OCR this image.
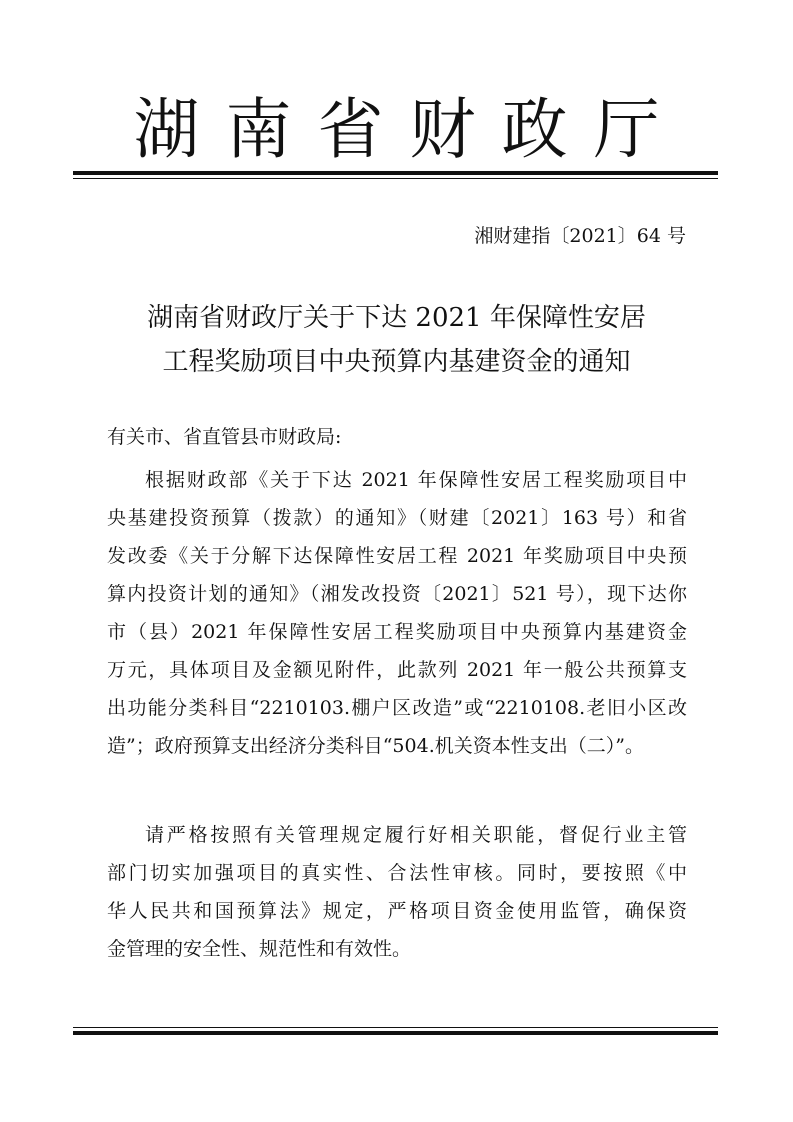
湖南省财政厅
湘财建指〔2021〕64 号
湖南省财政厅关于下达 2021 年保障性安居
工程奖励项目中央预算内基建资金的通知
有关市、省直管县市财政局:
根据财政部《关于下达 2021 年保障性安居工程奖励项目中
央基建投资预算（拨款）的通知》（财建〔2021〕163 号）和省
发改委《关于分解下达保障性安居工程 2021 年奖励项目中央预
算内投资计划的通知》（湘发改投资〔2021〕521 号），现下达你
市（县）2021 年保障性安居工程奖励项目中央预算内基建资金
万元，具体项目及金额见附件，此款列 2021 年一般公共预算支
出功能分类科目“2210103.棚户区改造”或“2210108.老旧小区改
造”；政府预算支出经济分类科目“504.机关资本性支出（二）”。
请严格按照有关管理规定履行好相关职能，督促行业主管
部门切实加强项目的真实性、合法性审核。同时，要按照《中
华人民共和国预算法》规定，严格项目资金使用监管，确保资
金管理的安全性、规范性和有效性。
